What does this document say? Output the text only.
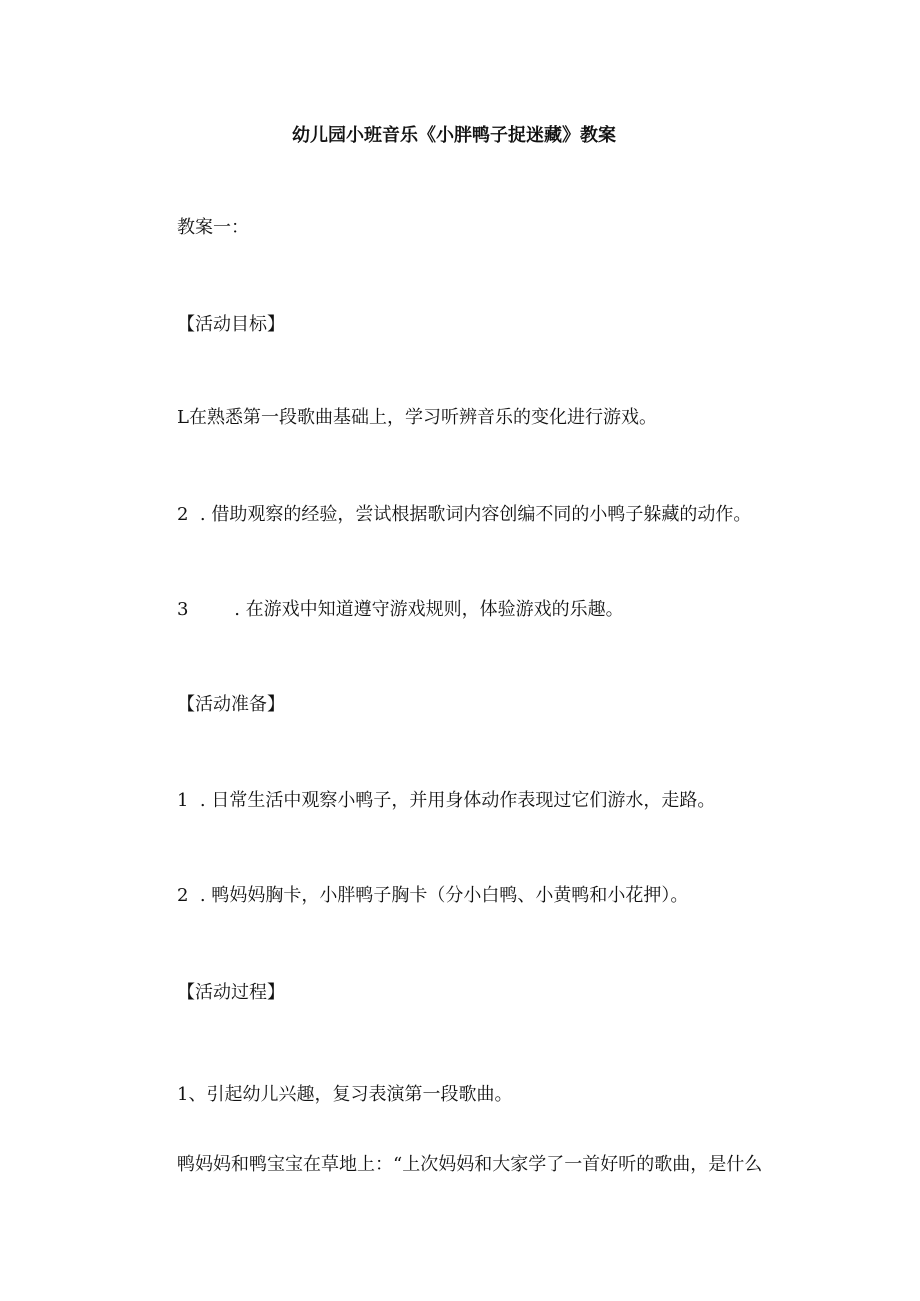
幼儿园小班音乐《小胖鸭子捉迷藏》教案
教案一：
【活动目标】
L在熟悉第一段歌曲基础上，学习听辨音乐的变化进行游戏。
2  . 借助观察的经验，尝试根据歌词内容创编不同的小鸭子躲藏的动作。
3        . 在游戏中知道遵守游戏规则，体验游戏的乐趣。
【活动准备】
1  . 日常生活中观察小鸭子，并用身体动作表现过它们游水，走路。
2  . 鸭妈妈胸卡，小胖鸭子胸卡（分小白鸭、小黄鸭和小花押）。
【活动过程】
1、引起幼儿兴趣，复习表演第一段歌曲。
鸭妈妈和鸭宝宝在草地上：“上次妈妈和大家学了一首好听的歌曲，是什么
